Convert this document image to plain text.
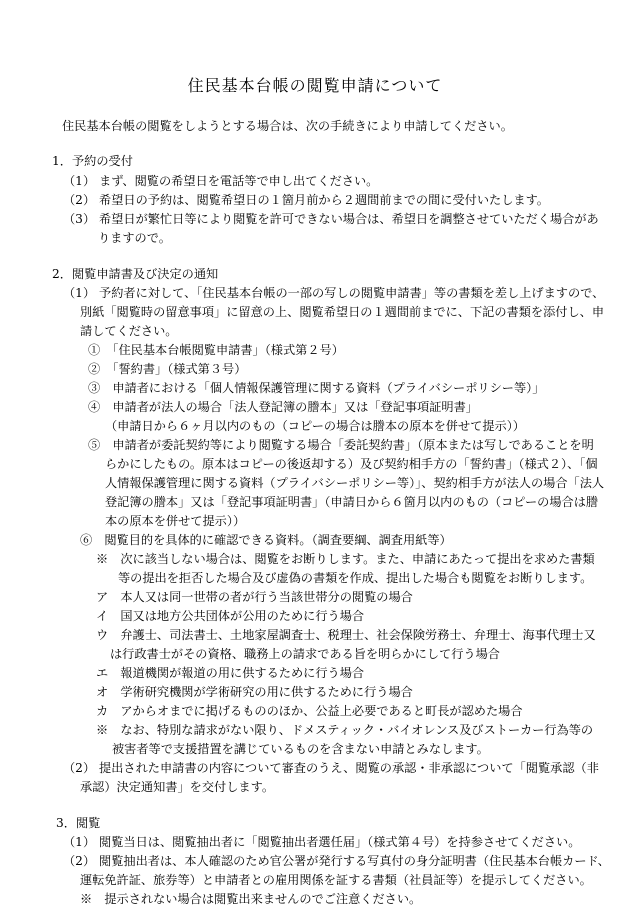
住民基本台帳の閲覧申請について
住民基本台帳の閲覧をしようとする場合は、次の手続きにより申請してください。
1．予約の受付
（1） まず、閲覧の希望日を電話等で申し出てください。
（2） 希望日の予約は、閲覧希望日の１箇月前から２週間前までの間に受付いたします。
（3） 希望日が繁忙日等により閲覧を許可できない場合は、希望日を調整させていただく場合があ
りますので。
2．閲覧申請書及び決定の通知
（1） 予約者に対して、「住民基本台帳の一部の写しの閲覧申請書」等の書類を差し上げますので、
別紙「閲覧時の留意事項」に留意の上、閲覧希望日の１週間前までに、下記の書類を添付し、申
請してください。
①　「住民基本台帳閲覧申請書」（様式第２号）
②　「誓約書」（様式第３号）
③　申請者における「個人情報保護管理に関する資料（プライバシーポリシー等）」
④　申請者が法人の場合「法人登記簿の謄本」又は「登記事項証明書」
（申請日から６ヶ月以内のもの（コピーの場合は謄本の原本を併せて提示））
⑤　申請者が委託契約等により閲覧する場合「委託契約書」（原本または写しであることを明
らかにしたもの。原本はコピーの後返却する）及び契約相手方の「誓約書」（様式２）、「個
人情報保護管理に関する資料（プライバシーポリシー等）」、契約相手方が法人の場合「法人
登記簿の謄本」又は「登記事項証明書」（申請日から６箇月以内のもの（コピーの場合は謄
本の原本を併せて提示））
⑥　閲覧目的を具体的に確認できる資料。（調査要綱、調査用紙等）
※　次に該当しない場合は、閲覧をお断りします。また、申請にあたって提出を求めた書類
等の提出を拒否した場合及び虚偽の書類を作成、提出した場合も閲覧をお断りします。
ア　本人又は同一世帯の者が行う当該世帯分の閲覧の場合
イ　国又は地方公共団体が公用のために行う場合
ウ　弁護士、司法書士、土地家屋調査士、税理士、社会保険労務士、弁理士、海事代理士又
は行政書士がその資格、職務上の請求である旨を明らかにして行う場合
エ　報道機関が報道の用に供するために行う場合
オ　学術研究機関が学術研究の用に供するために行う場合
カ　アからオまでに掲げるもののほか、公益上必要であると町長が認めた場合
※　なお、特別な請求がない限り、ドメスティック・バイオレンス及びストーカー行為等の
被害者等で支援措置を講じているものを含まない申請とみなします。
（2） 提出された申請書の内容について審査のうえ、閲覧の承認・非承認について「閲覧承認（非
承認）決定通知書」を交付します。
3．閲覧
（1） 閲覧当日は、閲覧抽出者に「閲覧抽出者選任届」（様式第４号）を持参させてください。
（2） 閲覧抽出者は、本人確認のため官公署が発行する写真付の身分証明書（住民基本台帳カード、
運転免許証、旅券等）と申請者との雇用関係を証する書類（社員証等）を提示してください。
※　提示されない場合は閲覧出来ませんのでご注意ください。
